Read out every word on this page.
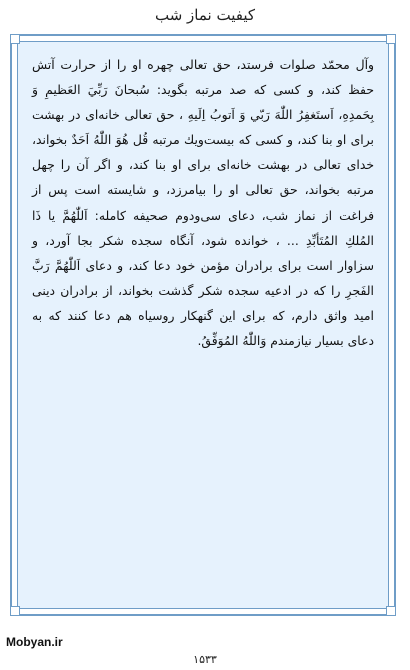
کیفیت نماز شب
وآل محمّد صلوات فرستد، حق تعالى چهره او را از حرارت آتش حفظ كند، و كسى كه صد مرتبه بگويد: سُبحانَ رَبِّيَ العَظيمِ وَ بِحَمدِهِ، اَستَغفِرُ اللّٰهَ رَبّي وَ اَتوبُ اِلَيهِ ، حق تعالى خانه‌اى در بهشت براى او بنا كند، و كسى كه بيست‌ويك مرتبه قُل هُوَ اللّٰهُ اَحَدٌ بخواند، خداى تعالى در بهشت خانه‌اى براى او بنا كند، و اگر آن را چهل مرتبه بخواند، حق تعالى او را بيامرزد، و شايسته است پس از فراغت از نماز شب، دعاى سى‌ودوم صحيفه كامله: اَللّٰهُمَّ يا ذَا المُلكِ المُتَأبِّدِ ... ، خوانده شود، آنگاه سجده شكر بجا آورد، و سزاوار است براى برادران مؤمن خود دعا كند، و دعاى اَللّٰهُمَّ رَبَّ الفَجرِ را كه در ادعيه سجده شكر گذشت بخواند، از برادران دينى اميد واثق دارم، كه براى اين گنهكار روسياه هم دعا كنند كه به دعاى بسيار نيازمندم وَاللّٰهُ المُوَفِّقُ.
Mobyan.ir
۱۵۳۳
